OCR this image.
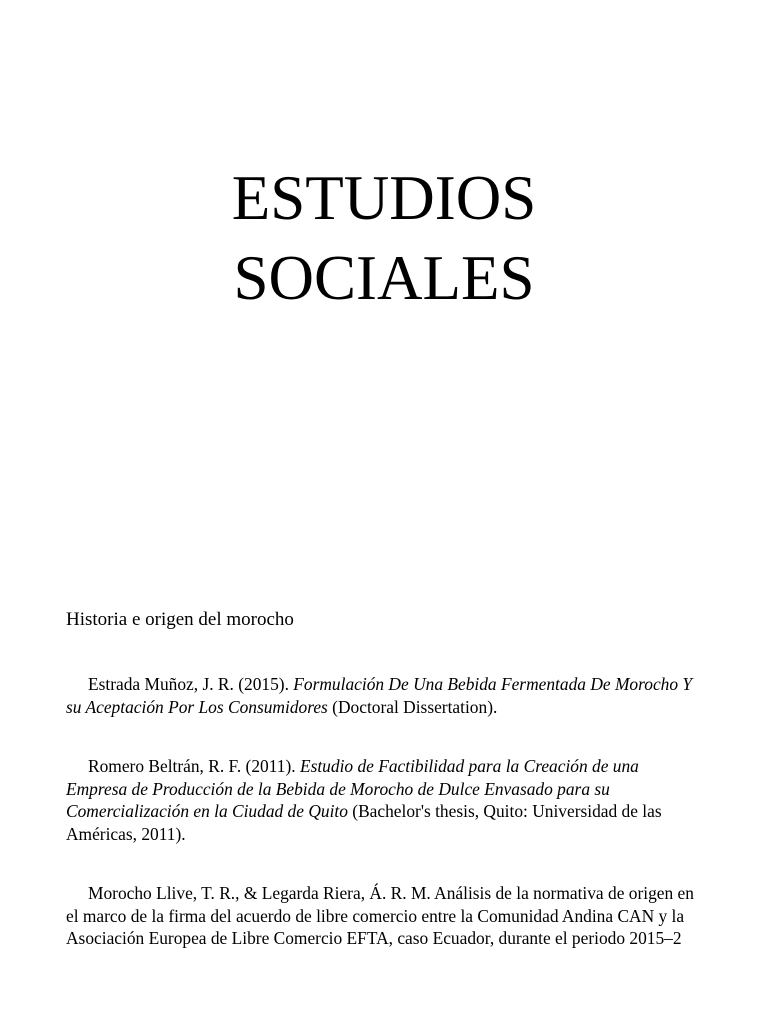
ESTUDIOS
SOCIALES

Historia e origen del morocho

Estrada Muñoz, J. R. (2015). Formulación De Una Bebida Fermentada De Morocho Y su Aceptación Por Los Consumidores (Doctoral Dissertation).

Romero Beltrán, R. F. (2011). Estudio de Factibilidad para la Creación de una Empresa de Producción de la Bebida de Morocho de Dulce Envasado para su Comercialización en la Ciudad de Quito (Bachelor's thesis, Quito: Universidad de las Américas, 2011).

Morocho Llive, T. R., & Legarda Riera, Á. R. M. Análisis de la normativa de origen en el marco de la firma del acuerdo de libre comercio entre la Comunidad Andina CAN y la Asociación Europea de Libre Comercio EFTA, caso Ecuador, durante el periodo 2015–2
